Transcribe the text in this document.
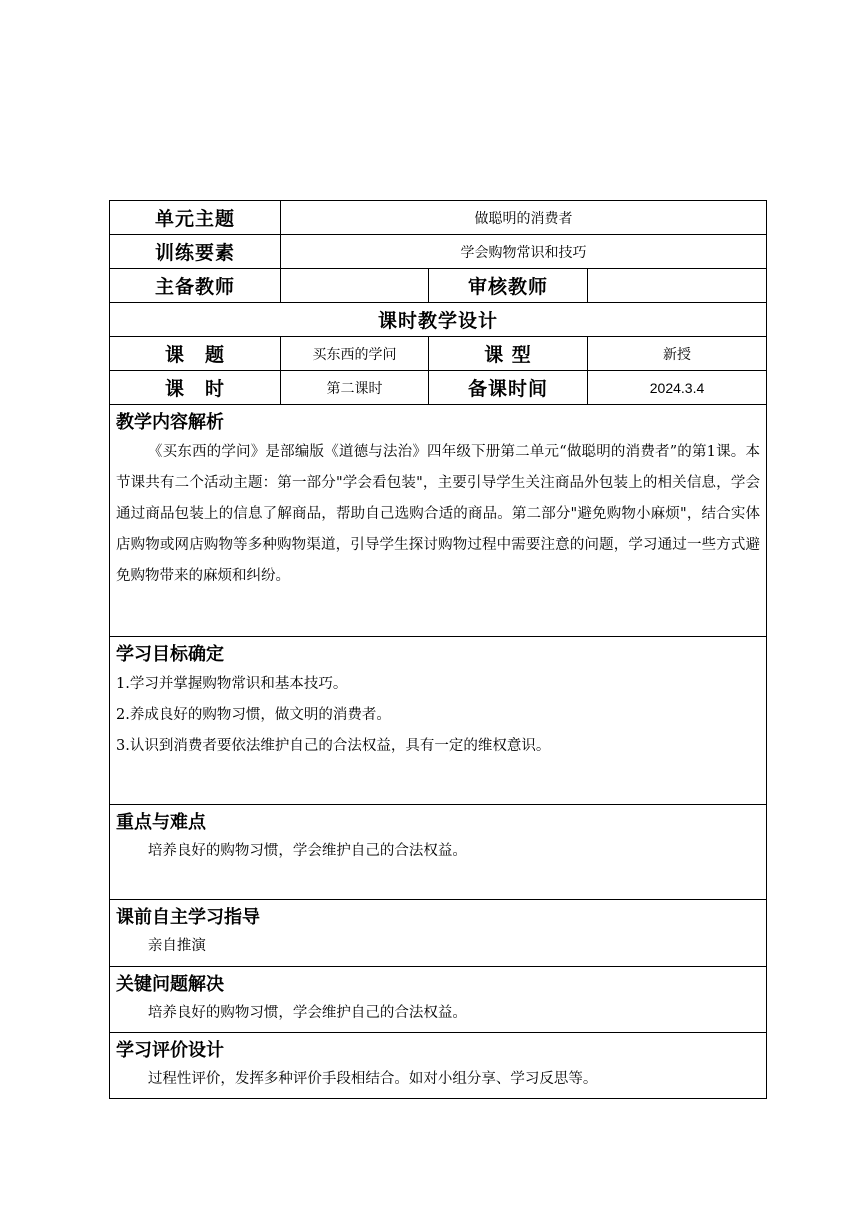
单元主题	做聪明的消费者		
训练要素	学会购物常识和技巧		
主备教师		审核教师	
课时教学设计			
课　题	买东西的学问	课 型	新授
课　时	第二课时	备课时间	2024.3.4

教学内容解析

《买东西的学问》是部编版《道德与法治》四年级下册第二单元“做聪明的消费者”的第1课。本节课共有二个活动主题：第一部分"学会看包装"，主要引导学生关注商品外包装上的相关信息，学会通过商品包装上的信息了解商品，帮助自己选购合适的商品。第二部分"避免购物小麻烦"，结合实体店购物或网店购物等多种购物渠道，引导学生探讨购物过程中需要注意的问题，学习通过一些方式避免购物带来的麻烦和纠纷。			

学习目标确定

1.学习并掌握购物常识和基本技巧。

2.养成良好的购物习惯，做文明的消费者。

3.认识到消费者要依法维护自己的合法权益，具有一定的维权意识。			

重点与难点

培养良好的购物习惯，学会维护自己的合法权益。			

课前自主学习指导

亲自推演			

关键问题解决

培养良好的购物习惯，学会维护自己的合法权益。			

学习评价设计

过程性评价，发挥多种评价手段相结合。如对小组分享、学习反思等。			
